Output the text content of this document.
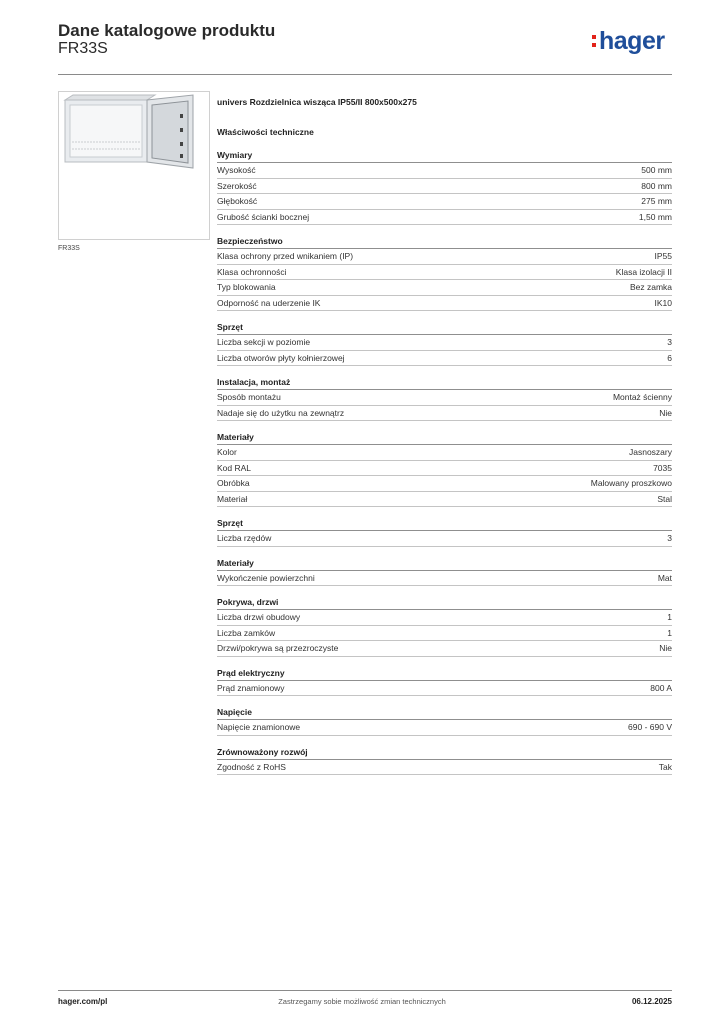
Dane katalogowe produktu
FR33S	hager
FR33S
univers Rozdzielnica wisząca IP55/II 800x500x275
Właściwości techniczne
Wymiary
Wysokość	500 mm
Szerokość	800 mm
Głębokość	275 mm
Grubość ścianki bocznej	1,50 mm
Bezpieczeństwo
Klasa ochrony przed wnikaniem (IP)	IP55
Klasa ochronności	Klasa izolacji II
Typ blokowania	Bez zamka
Odporność na uderzenie IK	IK10
Sprzęt
Liczba sekcji w poziomie	3
Liczba otworów płyty kołnierzowej	6
Instalacja, montaż
Sposób montażu	Montaż ścienny
Nadaje się do użytku na zewnątrz	Nie
Materiały
Kolor	Jasnoszary
Kod RAL	7035
Obróbka	Malowany proszkowo
Materiał	Stal
Sprzęt
Liczba rzędów	3
Materiały
Wykończenie powierzchni	Mat
Pokrywa, drzwi
Liczba drzwi obudowy	1
Liczba zamków	1
Drzwi/pokrywa są przezroczyste	Nie
Prąd elektryczny
Prąd znamionowy	800 A
Napięcie
Napięcie znamionowe	690 - 690 V
Zrównoważony rozwój
Zgodność z RoHS	Tak
hager.com/pl	Zastrzegamy sobie możliwość zmian technicznych	06.12.2025
